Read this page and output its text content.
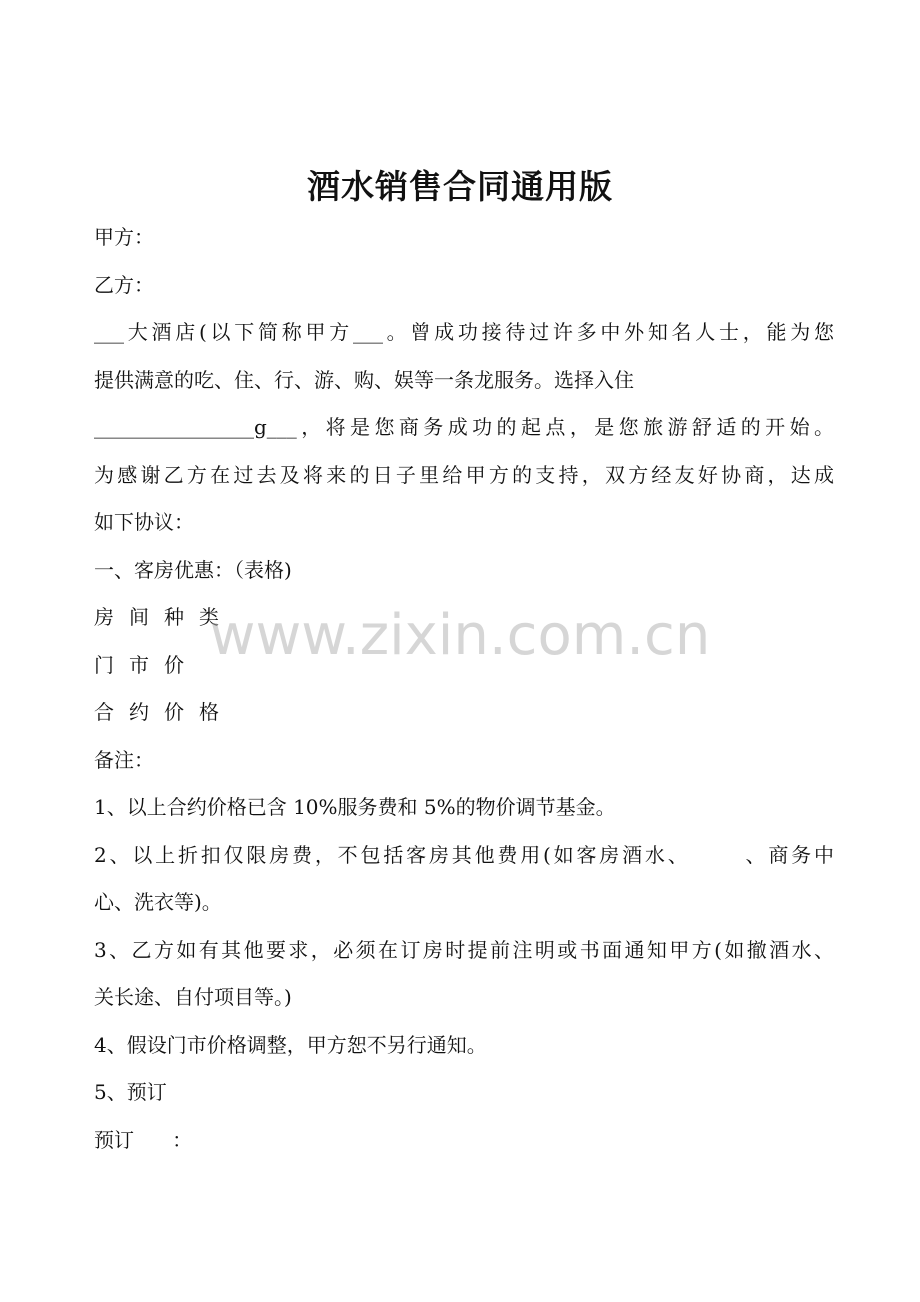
酒水销售合同通用版
甲方：
乙方：
___大酒店(以下简称甲方___。曾成功接待过许多中外知名人士，能为您
提供满意的吃、住、行、游、购、娱等一条龙服务。选择入住
________________g___，将是您商务成功的起点，是您旅游舒适的开始。
为感谢乙方在过去及将来的日子里给甲方的支持，双方经友好协商，达成
如下协议：
一、客房优惠：（表格)
房间种类
门市价
合约价格
备注：
1、以上合约价格已含 10%服务费和 5%的物价调节基金。
2、以上折扣仅限房费，不包括客房其他费用(如客房酒水、      、商务中
心、洗衣等)。
3、乙方如有其他要求，必须在订房时提前注明或书面通知甲方(如撤酒水、
关长途、自付项目等。)
4、假设门市价格调整，甲方恕不另行通知。
5、预订
预订      ：
www.zixin.com.cn
